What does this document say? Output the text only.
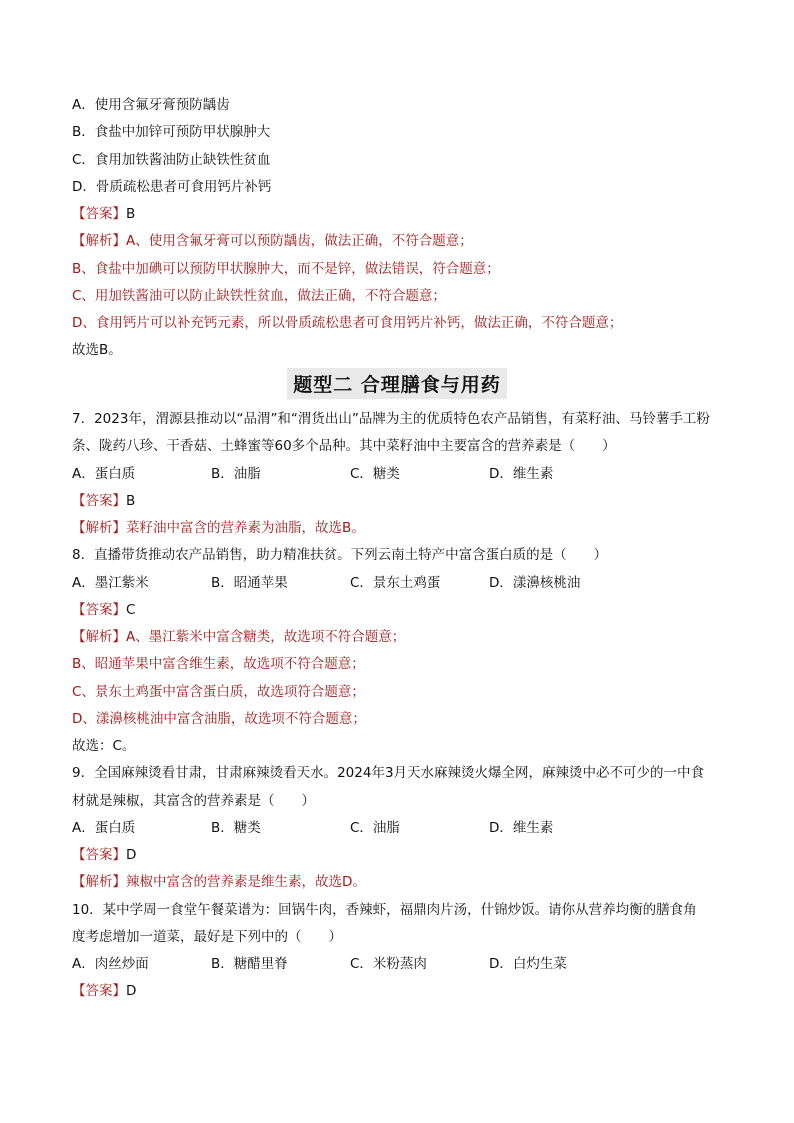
A．使用含氟牙膏预防龋齿
B．食盐中加锌可预防甲状腺肿大
C．食用加铁酱油防止缺铁性贫血
D．骨质疏松患者可食用钙片补钙
【答案】B
【解析】A、使用含氟牙膏可以预防龋齿，做法正确，不符合题意；
B、食盐中加碘可以预防甲状腺肿大，而不是锌，做法错误，符合题意；
C、用加铁酱油可以防止缺铁性贫血，做法正确，不符合题意；
D、食用钙片可以补充钙元素，所以骨质疏松患者可食用钙片补钙，做法正确，不符合题意；
故选B。
题型二 合理膳食与用药
7．2023年，渭源县推动以“品渭”和“渭货出山”品牌为主的优质特色农产品销售，有菜籽油、马铃薯手工粉
条、陇药八珍、干香菇、土蜂蜜等60多个品种。其中菜籽油中主要富含的营养素是（　　）
A．蛋白质	B．油脂	C．糖类	D．维生素
【答案】B
【解析】菜籽油中富含的营养素为油脂，故选B。
8．直播带货推动农产品销售，助力精准扶贫。下列云南土特产中富含蛋白质的是（　　）
A．墨江紫米	B．昭通苹果	C．景东土鸡蛋	D．漾濞核桃油
【答案】C
【解析】A、墨江紫米中富含糖类，故选项不符合题意；
B、昭通苹果中富含维生素，故选项不符合题意；
C、景东土鸡蛋中富含蛋白质，故选项符合题意；
D、漾濞核桃油中富含油脂，故选项不符合题意；
故选：C。
9．全国麻辣烫看甘肃，甘肃麻辣烫看天水。2024年3月天水麻辣烫火爆全网，麻辣烫中必不可少的一中食
材就是辣椒，其富含的营养素是（　　）
A．蛋白质	B．糖类	C．油脂	D．维生素
【答案】D
【解析】辣椒中富含的营养素是维生素，故选D。
10．某中学周一食堂午餐菜谱为：回锅牛肉，香辣虾，福鼎肉片汤，什锦炒饭。请你从营养均衡的膳食角
度考虑增加一道菜，最好是下列中的（　　）
A．肉丝炒面	B．糖醋里脊	C．米粉蒸肉	D．白灼生菜
【答案】D
